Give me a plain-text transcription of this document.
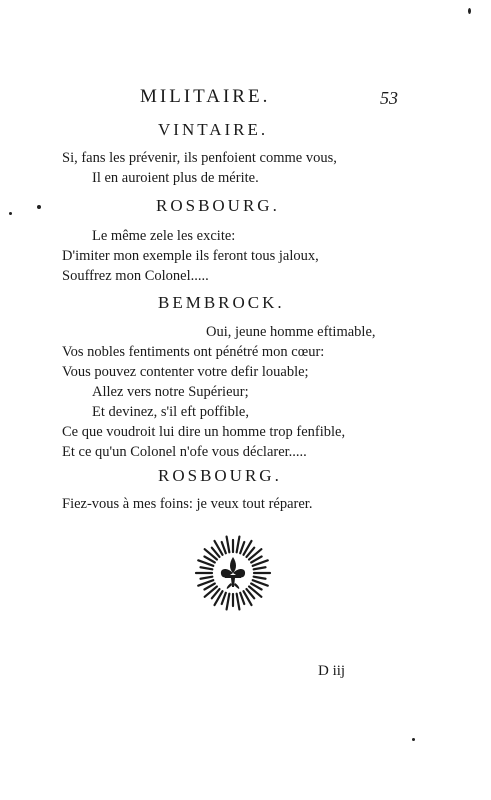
MILITAIRE.	53
VINTAIRE.
Si, fans les prévenir, ils penfoient comme vous,
Il en auroient plus de mérite.
ROSBOURG.
Le même zele les excite:
D'imiter mon exemple ils feront tous jaloux,
Souffrez mon Colonel.....
BEMBROCK.
Oui, jeune homme eftimable,
Vos nobles fentiments ont pénétré mon cœur:
Vous pouvez contenter votre defir louable;
Allez vers notre Supérieur;
Et devinez, s'il eft poffible,
Ce que voudroit lui dire un homme trop fenfible,
Et ce qu'un Colonel n'ofe vous déclarer.....
ROSBOURG.
Fiez-vous à mes foins: je veux tout réparer.
D iij
